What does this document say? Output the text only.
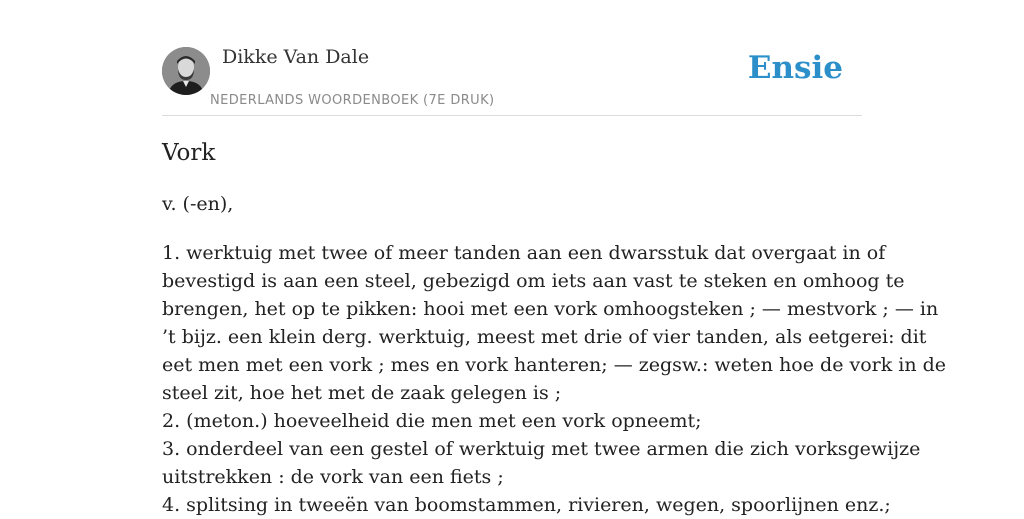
Dikke Van Dale
NEDERLANDS WOORDENBOEK (7E DRUK)
Ensie
Vork
v. (-en),
1. werktuig met twee of meer tanden aan een dwarsstuk dat overgaat in of
bevestigd is aan een steel, gebezigd om iets aan vast te steken en omhoog te
brengen, het op te pikken: hooi met een vork omhoogsteken ; — mestvork ; — in
’t bijz. een klein derg. werktuig, meest met drie of vier tanden, als eetgerei: dit
eet men met een vork ; mes en vork hanteren; — zegsw.: weten hoe de vork in de
steel zit, hoe het met de zaak gelegen is ;
2. (meton.) hoeveelheid die men met een vork opneemt;
3. onderdeel van een gestel of werktuig met twee armen die zich vorksgewijze
uitstrekken : de vork van een fiets ;
4. splitsing in tweeën van boomstammen, rivieren, wegen, spoorlijnen enz.;
